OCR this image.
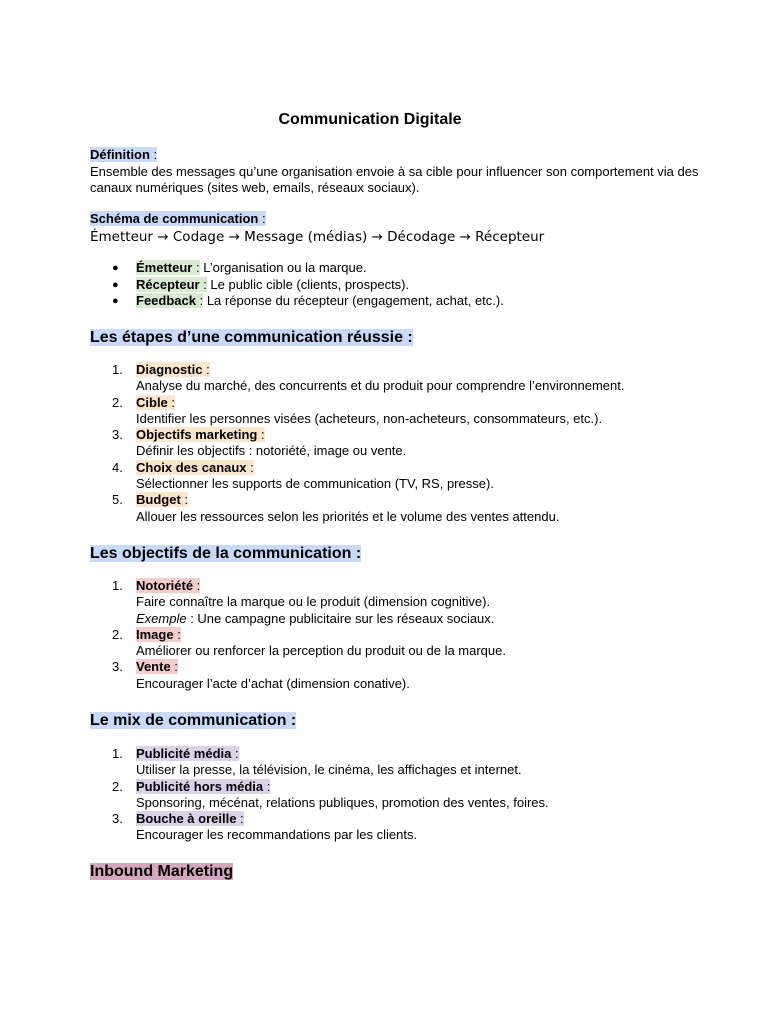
Communication Digitale
Définition :
Ensemble des messages qu’une organisation envoie à sa cible pour influencer son comportement via des canaux numériques (sites web, emails, réseaux sociaux).
Schéma de communication :
Émetteur → Codage → Message (médias) → Décodage → Récepteur
● Émetteur : L’organisation ou la marque.
● Récepteur : Le public cible (clients, prospects).
● Feedback : La réponse du récepteur (engagement, achat, etc.).
Les étapes d’une communication réussie :
1. Diagnostic :
Analyse du marché, des concurrents et du produit pour comprendre l’environnement.
2. Cible :
Identifier les personnes visées (acheteurs, non-acheteurs, consommateurs, etc.).
3. Objectifs marketing :
Définir les objectifs : notoriété, image ou vente.
4. Choix des canaux :
Sélectionner les supports de communication (TV, RS, presse).
5. Budget :
Allouer les ressources selon les priorités et le volume des ventes attendu.
Les objectifs de la communication :
1. Notoriété :
Faire connaître la marque ou le produit (dimension cognitive).
Exemple : Une campagne publicitaire sur les réseaux sociaux.
2. Image :
Améliorer ou renforcer la perception du produit ou de la marque.
3. Vente :
Encourager l’acte d’achat (dimension conative).
Le mix de communication :
1. Publicité média :
Utiliser la presse, la télévision, le cinéma, les affichages et internet.
2. Publicité hors média :
Sponsoring, mécénat, relations publiques, promotion des ventes, foires.
3. Bouche à oreille :
Encourager les recommandations par les clients.
Inbound Marketing
